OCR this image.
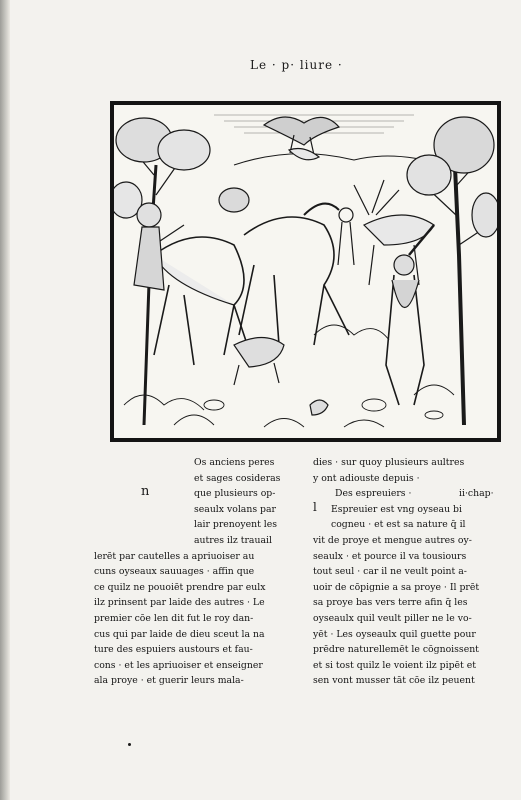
Le · p· liure ·
n
Os anciens peres
et sages cosideras
que plusieurs op-
seaulx volans par
lair prenoyent les
autres ilz trauail
lerēt par cautelles a apriuoiser au
cuns oyseaux sauuages · affin que
ce quilz ne pouoiēt prendre par eulx
ilz prinsent par laide des autres · Le
premier cōe len dit fut le roy dan-
cus qui par laide de dieu sceut la na
ture des espuiers austours et fau-
cons · et les apriuoiser et enseigner
ala proye · et guerir leurs mala-
l
dies · sur quoy plusieurs aultres
y ont adiouste depuis ·
Des espreuiers ·	ii·chap·
Espreuier est vng oyseau bi
cogneu · et est sa nature q̄ il
vit de proye et mengue autres oy-
seaulx · et pource il va tousiours
tout seul · car il ne veult point a-
uoir de cōpignie a sa proye · Il prēt
sa proye bas vers terre afin q̄ les
oyseaulx quil veult piller ne le vo-
yēt · Les oyseaulx quil guette pour
prēdre naturellemēt le cōgnoissent
et si tost quilz le voient ilz pipēt et
sen vont musser tāt cōe ilz peuent
